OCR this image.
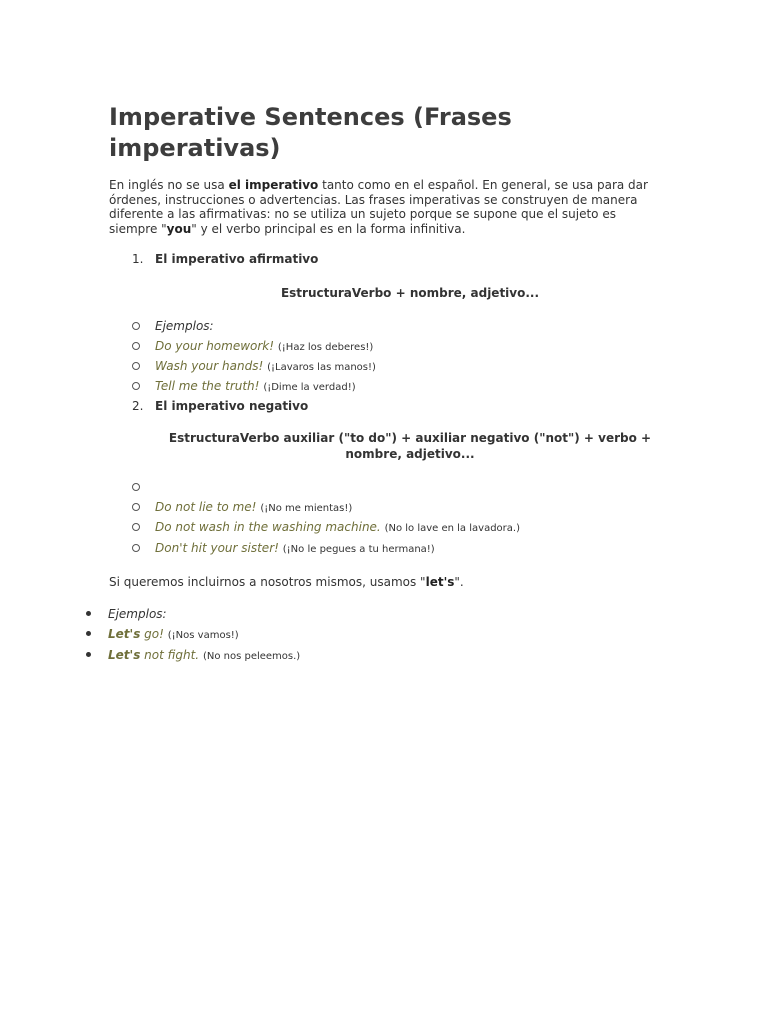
Imperative Sentences (Frases imperativas)

En inglés no se usa el imperativo tanto como en el español. En general, se usa para dar órdenes, instrucciones o advertencias. Las frases imperativas se construyen de manera diferente a las afirmativas: no se utiliza un sujeto porque se supone que el sujeto es siempre "you" y el verbo principal es en la forma infinitiva.

1. El imperativo afirmativo
EstructuraVerbo + nombre, adjetivo...
Ejemplos:
Do your homework! (¡Haz los deberes!)
Wash your hands! (¡Lavaros las manos!)
Tell me the truth! (¡Dime la verdad!)
2. El imperativo negativo
EstructuraVerbo auxiliar ("to do") + auxiliar negativo ("not") + verbo + nombre, adjetivo...
Do not lie to me! (¡No me mientas!)
Do not wash in the washing machine. (No lo lave en la lavadora.)
Don't hit your sister! (¡No le pegues a tu hermana!)
Si queremos incluirnos a nosotros mismos, usamos "let's".
Ejemplos:
Let's go! (¡Nos vamos!)
Let's not fight. (No nos peleemos.)
